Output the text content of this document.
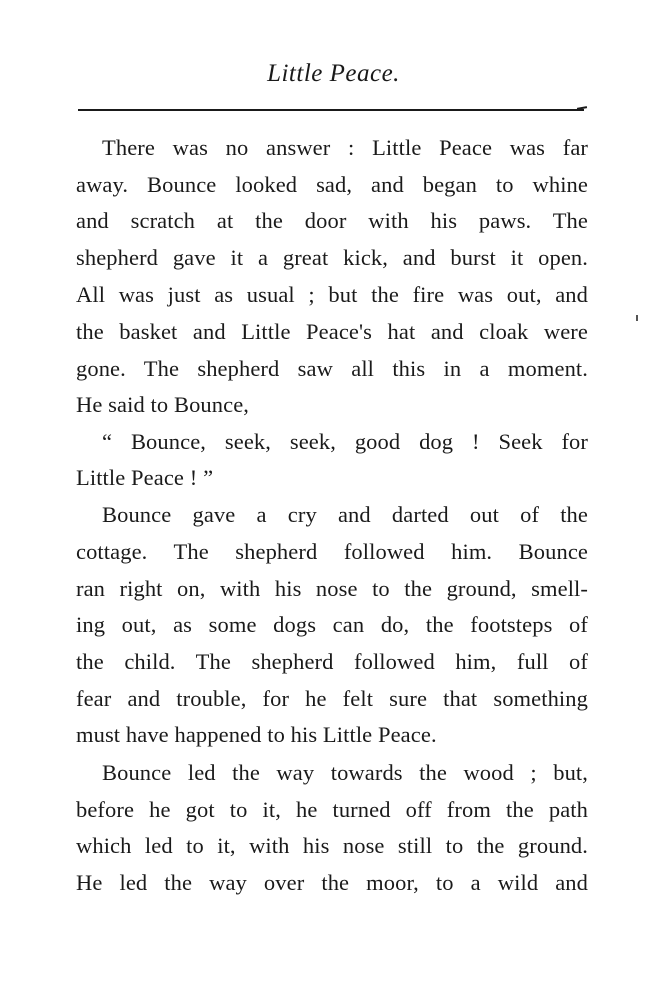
Little Peace.
There was no answer : Little Peace was far
away. Bounce looked sad, and began to whine
and scratch at the door with his paws. The
shepherd gave it a great kick, and burst it open.
All was just as usual ; but the fire was out, and
the basket and Little Peace's hat and cloak were
gone. The shepherd saw all this in a moment.
He said to Bounce,
“ Bounce, seek, seek, good dog ! Seek for
Little Peace ! ”
Bounce gave a cry and darted out of the
cottage. The shepherd followed him. Bounce
ran right on, with his nose to the ground, smell-
ing out, as some dogs can do, the footsteps of
the child. The shepherd followed him, full of
fear and trouble, for he felt sure that something
must have happened to his Little Peace.
Bounce led the way towards the wood ; but,
before he got to it, he turned off from the path
which led to it, with his nose still to the ground.
He led the way over the moor, to a wild and
